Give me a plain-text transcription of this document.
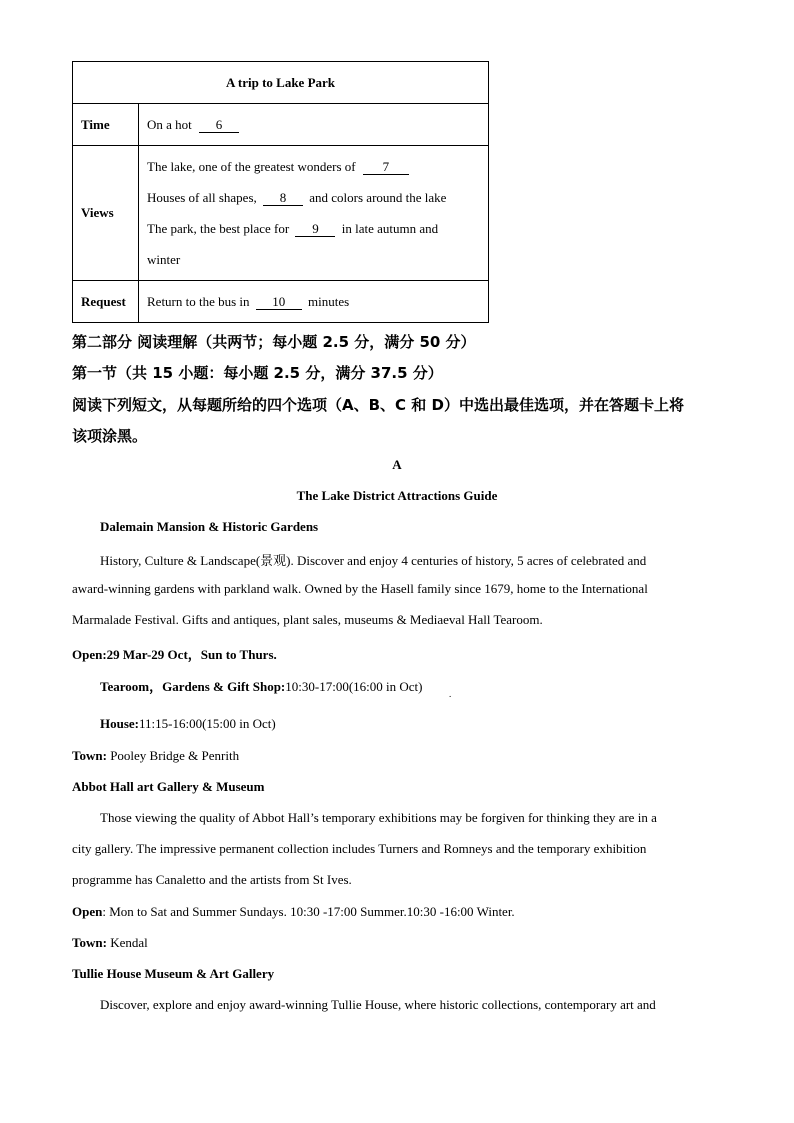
A trip to Lake Park	
Time	On a hot 6
Views	The lake, one of the greatest wonders of 7
Houses of all shapes, 8 and colors around the lake
The park, the best place for 9 in late autumn and
winter

Request	Return to the bus in 10 minutes
第二部分 阅读理解（共两节；每小题 2.5 分，满分 50 分）
第一节（共 15 小题：每小题 2.5 分，满分 37.5 分）
阅读下列短文，从每题所给的四个选项（A、B、C 和 D）中选出最佳选项，并在答题卡上将
该项涂黑。
A
The Lake District Attractions Guide
Dalemain Mansion & Historic Gardens
History, Culture & Landscape(景观). Discover and enjoy 4 centuries of history, 5 acres of celebrated and
award-winning gardens with parkland walk. Owned by the Hasell family since 1679, home to the International
Marmalade Festival. Gifts and antiques, plant sales, museums & Mediaeval Hall Tearoom.
Open:29 Mar-29 Oct，Sun to Thurs.
Tearoom，Gardens & Gift Shop:10:30-17:00(16:00 in Oct)	.
House:11:15-16:00(15:00 in Oct)
Town: Pooley Bridge & Penrith
Abbot Hall art Gallery & Museum
Those viewing the quality of Abbot Hall’s temporary exhibitions may be forgiven for thinking they are in a
city gallery. The impressive permanent collection includes Turners and Romneys and the temporary exhibition
programme has Canaletto and the artists from St Ives.
Open: Mon to Sat and Summer Sundays. 10:30 -17:00 Summer.10:30 -16:00 Winter.
Town: Kendal
Tullie House Museum & Art Gallery
Discover, explore and enjoy award-winning Tullie House, where historic collections, contemporary art and
